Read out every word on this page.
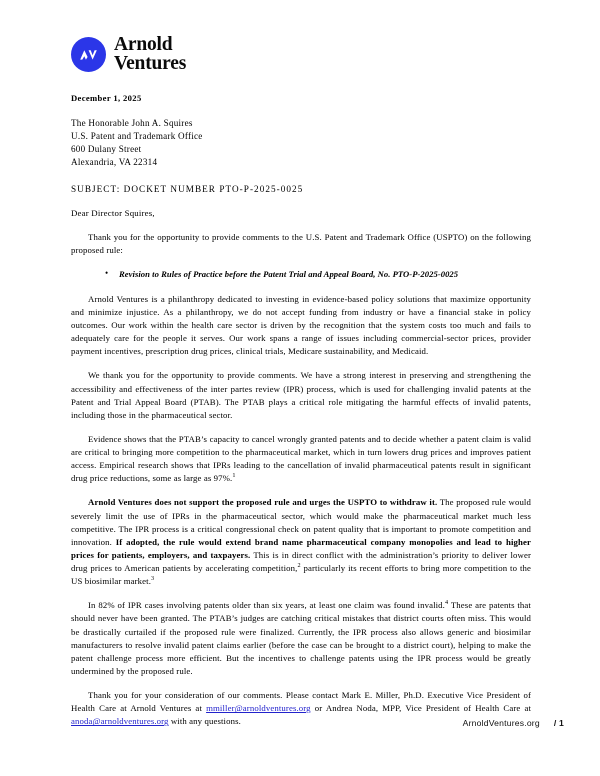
Arnold
Ventures
December 1, 2025
The Honorable John A. Squires
U.S. Patent and Trademark Office
600 Dulany Street
Alexandria, VA 22314
SUBJECT: DOCKET NUMBER PTO-P-2025-0025
Dear Director Squires,

Thank you for the opportunity to provide comments to the U.S. Patent and Trademark Office (USPTO) on the following proposed rule:

• Revision to Rules of Practice before the Patent Trial and Appeal Board, No. PTO-P-2025-0025

Arnold Ventures is a philanthropy dedicated to investing in evidence-based policy solutions that maximize opportunity and minimize injustice. As a philanthropy, we do not accept funding from industry or have a financial stake in policy outcomes. Our work within the health care sector is driven by the recognition that the system costs too much and fails to adequately care for the people it serves. Our work spans a range of issues including commercial-sector prices, provider payment incentives, prescription drug prices, clinical trials, Medicare sustainability, and Medicaid.

We thank you for the opportunity to provide comments. We have a strong interest in preserving and strengthening the accessibility and effectiveness of the inter partes review (IPR) process, which is used for challenging invalid patents at the Patent and Trial Appeal Board (PTAB). The PTAB plays a critical role mitigating the harmful effects of invalid patents, including those in the pharmaceutical sector.

Evidence shows that the PTAB’s capacity to cancel wrongly granted patents and to decide whether a patent claim is valid are critical to bringing more competition to the pharmaceutical market, which in turn lowers drug prices and improves patient access. Empirical research shows that IPRs leading to the cancellation of invalid pharmaceutical patents result in significant drug price reductions, some as large as 97%.$^1$

Arnold Ventures does not support the proposed rule and urges the USPTO to withdraw it. The proposed rule would severely limit the use of IPRs in the pharmaceutical sector, which would make the pharmaceutical market much less competitive. The IPR process is a critical congressional check on patent quality that is important to promote competition and innovation. If adopted, the rule would extend brand name pharmaceutical company monopolies and lead to higher prices for patients, employers, and taxpayers. This is in direct conflict with the administration’s priority to deliver lower drug prices to American patients by accelerating competition,$^2$ particularly its recent efforts to bring more competition to the US biosimilar market.$^3$

In 82% of IPR cases involving patents older than six years, at least one claim was found invalid.$^4$ These are patents that should never have been granted. The PTAB’s judges are catching critical mistakes that district courts often miss. This would be drastically curtailed if the proposed rule were finalized. Currently, the IPR process also allows generic and biosimilar manufacturers to resolve invalid patent claims earlier (before the case can be brought to a district court), helping to make the patent challenge process more efficient. But the incentives to challenge patents using the IPR process would be greatly undermined by the proposed rule.

Thank you for your consideration of our comments. Please contact Mark E. Miller, Ph.D. Executive Vice President of Health Care at Arnold Ventures at mmiller@arnoldventures.org or Andrea Noda, MPP, Vice President of Health Care at anoda@arnoldventures.org with any questions.	ArnoldVentures.org / 1
